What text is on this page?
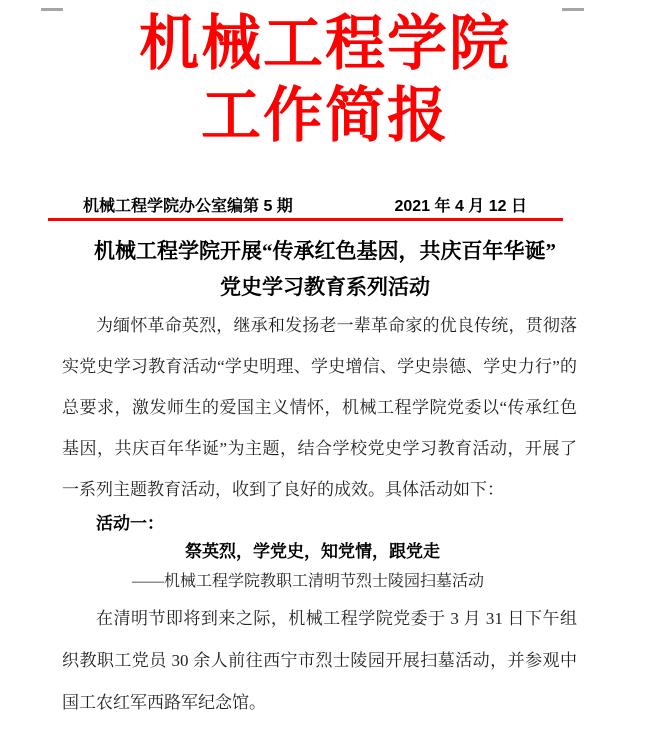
机械工程学院
工作简报
机械工程学院办公室编第 5 期	2021 年 4 月 12 日
机械工程学院开展“传承红色基因，共庆百年华诞”
党史学习教育系列活动

为缅怀革命英烈，继承和发扬老一辈革命家的优良传统，贯彻落实党史学习教育活动“学史明理、学史增信、学史崇德、学史力行”的总要求，激发师生的爱国主义情怀，机械工程学院党委以“传承红色基因，共庆百年华诞”为主题，结合学校党史学习教育活动，开展了一系列主题教育活动，收到了良好的成效。具体活动如下：

活动一：

祭英烈，学党史，知党情，跟党走

——机械工程学院教职工清明节烈士陵园扫墓活动

在清明节即将到来之际，机械工程学院党委于 3 月 31 日下午组织教职工党员 30 余人前往西宁市烈士陵园开展扫墓活动，并参观中国工农红军西路军纪念馆。
